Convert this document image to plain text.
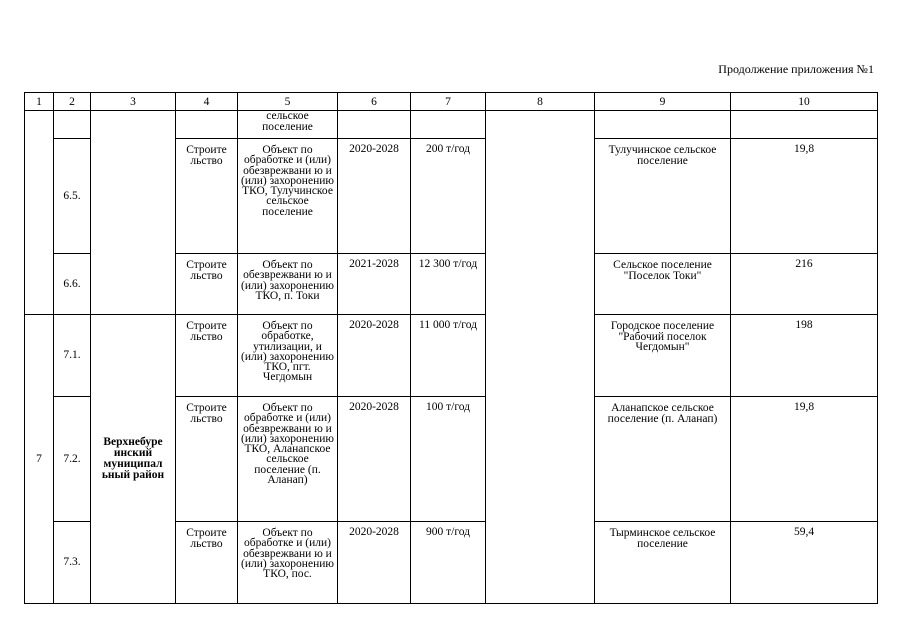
Продолжение приложения №1
1	2	3	4	5	6	7	8	9	10
				сельское поселение					
	6.5.		Строите льство	Объект по обработке и (или) обезврежвани ю и (или) захоронению ТКО, Тулучинское сельское поселение	2020-2028	200 т/год		Тулучинское сельское поселение	19,8
	6.6.		Строите льство	Объект по обезврежвани ю и (или) захоронению ТКО, п. Токи	2021-2028	12 300 т/год		Сельское поселение "Поселок Токи"	216
7	7.1.	Верхнебуре инский муниципал ьный район	Строите льство	Объект по обработке, утилизации, и (или) захоронению ТКО, пгт. Чегдомын	2020-2028	11 000 т/год		Городское поселение "Рабочий поселок Чегдомын"	198
	7.2.		Строите льство	Объект по обработке и (или) обезврежвани ю и (или) захоронению ТКО, Аланапское сельское поселение (п. Аланап)	2020-2028	100 т/год		Аланапское сельское поселение (п. Аланап)	19,8
	7.3.		Строите льство	Объект по обработке и (или) обезврежвани ю и (или) захоронению ТКО, пос.	2020-2028	900 т/год		Тырминское сельское поселение	59,4
